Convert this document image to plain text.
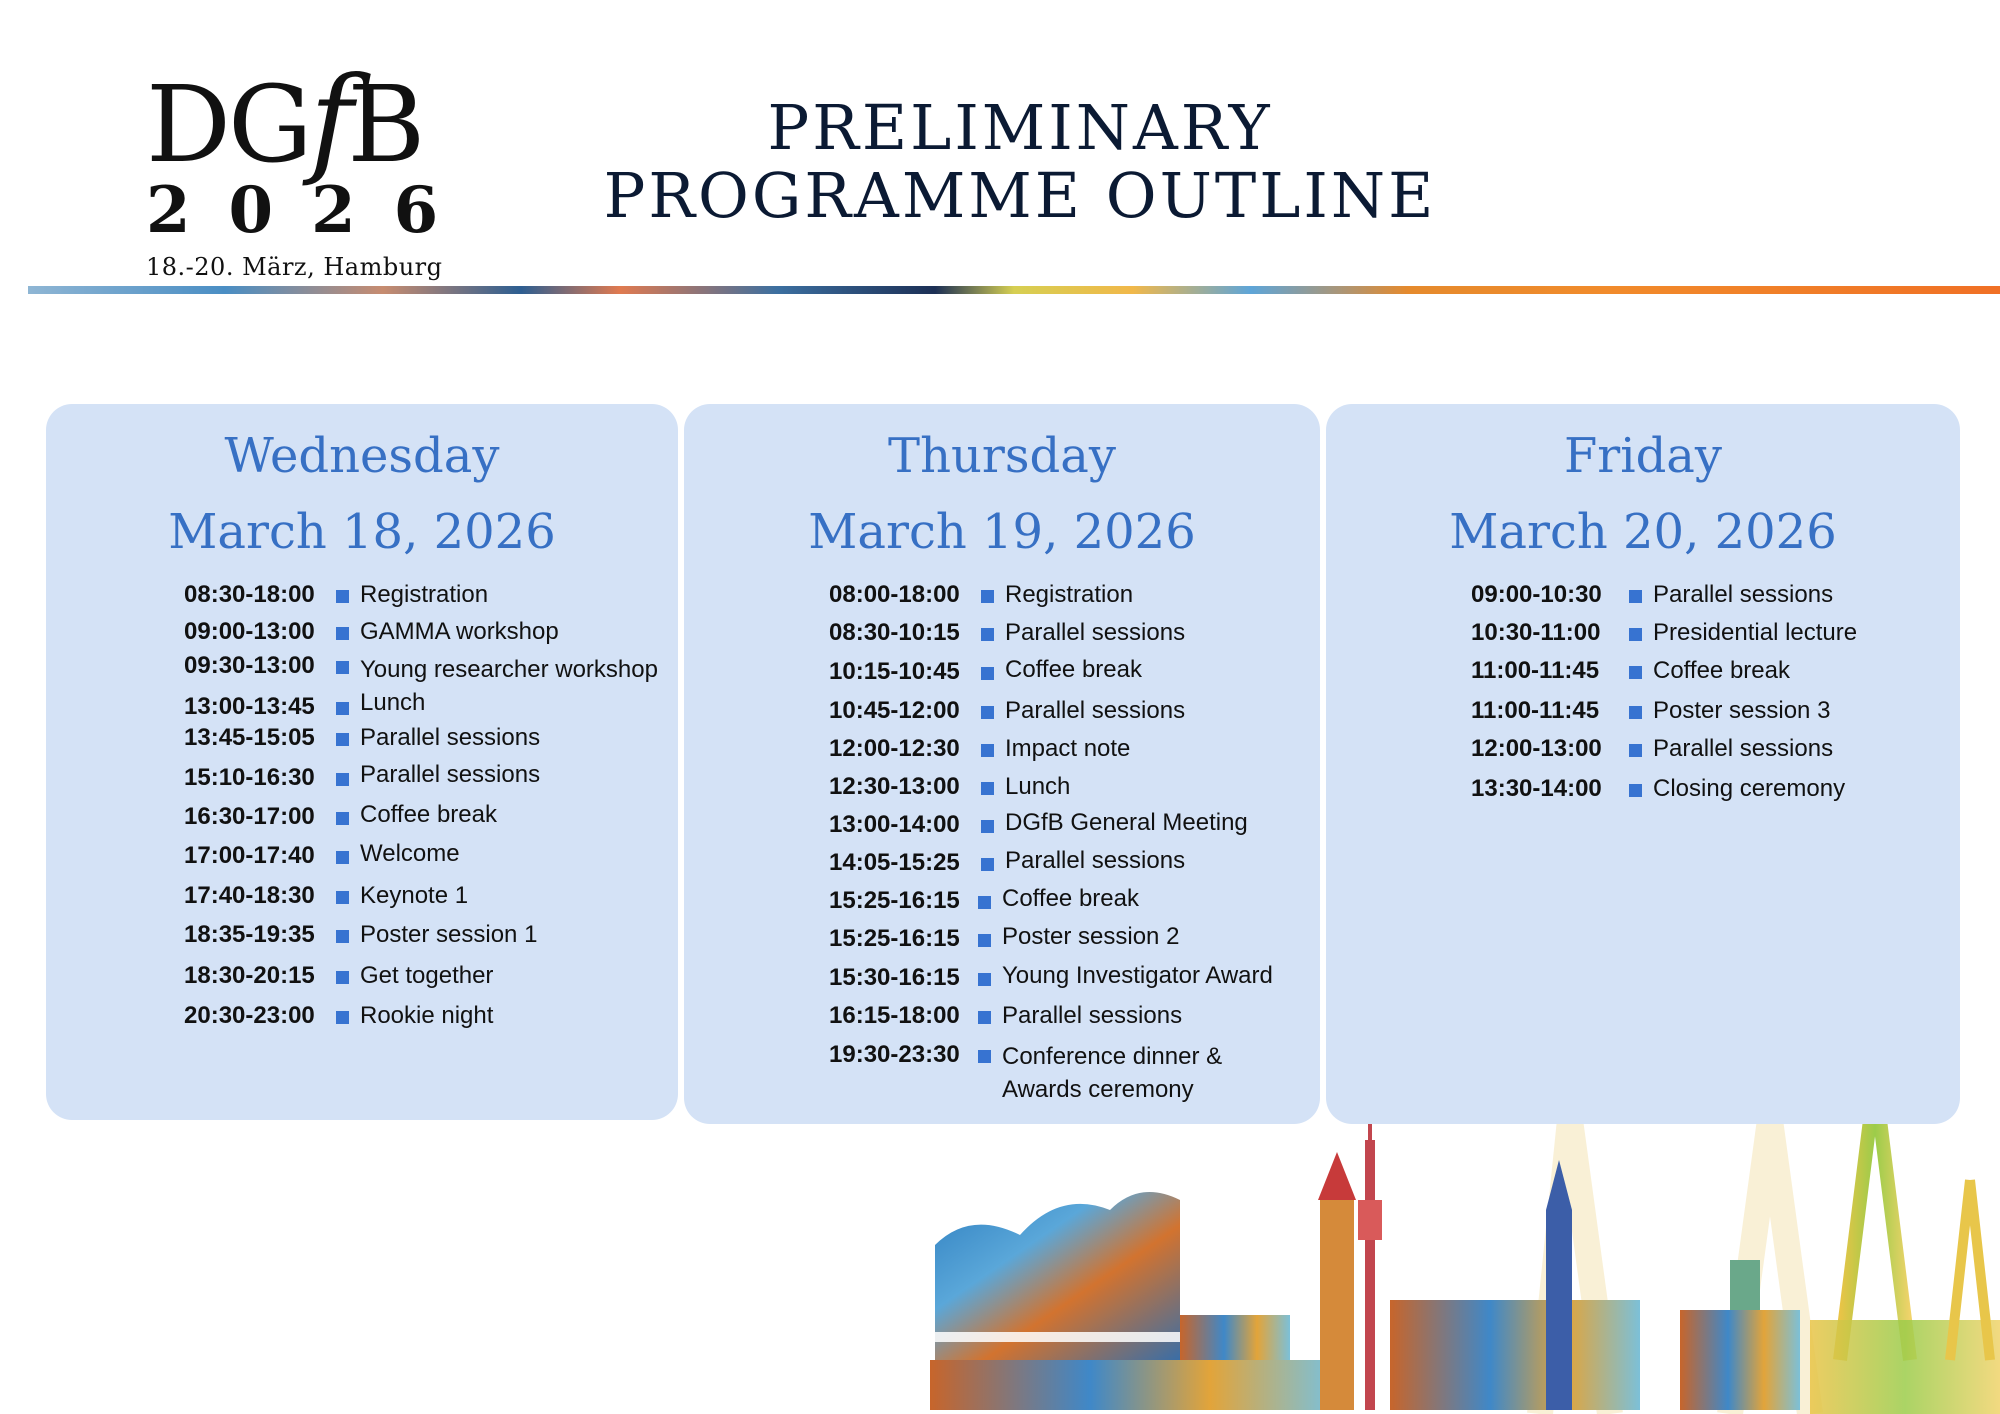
DGfB
2026
18.-20. März, Hamburg
PRELIMINARY
PROGRAMME OUTLINE
Wednesday
March 18, 2026
08:30-18:00	Registration
09:00-13:00	GAMMA workshop
09:30-13:00	Young researcher workshop
13:00-13:45	Lunch
13:45-15:05	Parallel sessions
15:10-16:30	Parallel sessions
16:30-17:00	Coffee break
17:00-17:40	Welcome
17:40-18:30	Keynote 1
18:35-19:35	Poster session 1
18:30-20:15	Get together
20:30-23:00	Rookie night
Thursday
March 19, 2026
08:00-18:00	Registration
08:30-10:15	Parallel sessions
10:15-10:45	Coffee break
10:45-12:00	Parallel sessions
12:00-12:30	Impact note
12:30-13:00	Lunch
13:00-14:00	DGfB General Meeting
14:05-15:25	Parallel sessions
15:25-16:15	Coffee break
15:25-16:15	Poster session 2
15:30-16:15	Young Investigator Award
16:15-18:00	Parallel sessions
19:30-23:30	Conference dinner &
Awards ceremony
Friday
March 20, 2026
09:00-10:30	Parallel sessions
10:30-11:00	Presidential lecture
11:00-11:45	Coffee break
11:00-11:45	Poster session 3
12:00-13:00	Parallel sessions
13:30-14:00	Closing ceremony
